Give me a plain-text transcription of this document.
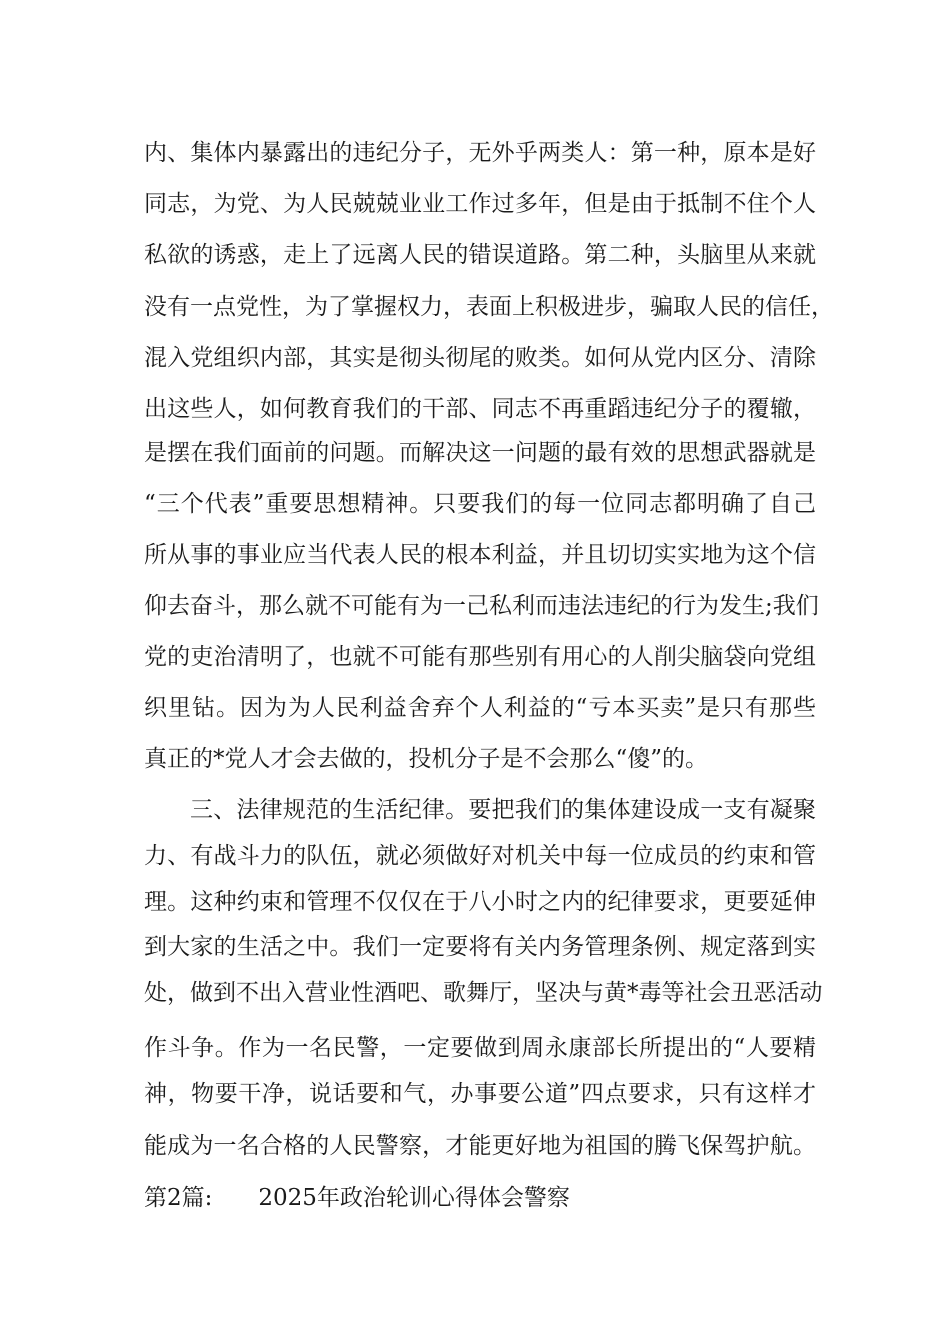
内、集体内暴露出的违纪分子，无外乎两类人：第一种，原本是好
同志，为党、为人民兢兢业业工作过多年，但是由于抵制不住个人
私欲的诱惑，走上了远离人民的错误道路。第二种，头脑里从来就
没有一点党性，为了掌握权力，表面上积极进步，骗取人民的信任，
混入党组织内部，其实是彻头彻尾的败类。如何从党内区分、清除
出这些人，如何教育我们的干部、同志不再重蹈违纪分子的覆辙，
是摆在我们面前的问题。而解决这一问题的最有效的思想武器就是
“三个代表”重要思想精神。只要我们的每一位同志都明确了自己
所从事的事业应当代表人民的根本利益，并且切切实实地为这个信
仰去奋斗，那么就不可能有为一己私利而违法违纪的行为发生;我们
党的吏治清明了，也就不可能有那些别有用心的人削尖脑袋向党组
织里钻。因为为人民利益舍弃个人利益的“亏本买卖”是只有那些
真正的*党人才会去做的，投机分子是不会那么“傻”的。
三、法律规范的生活纪律。要把我们的集体建设成一支有凝聚
力、有战斗力的队伍，就必须做好对机关中每一位成员的约束和管
理。这种约束和管理不仅仅在于八小时之内的纪律要求，更要延伸
到大家的生活之中。我们一定要将有关内务管理条例、规定落到实
处，做到不出入营业性酒吧、歌舞厅，坚决与黄*毒等社会丑恶活动
作斗争。作为一名民警，一定要做到周永康部长所提出的“人要精
神，物要干净，说话要和气，办事要公道”四点要求，只有这样才
能成为一名合格的人民警察，才能更好地为祖国的腾飞保驾护航。
第2篇: 2025年政治轮训心得体会警察
